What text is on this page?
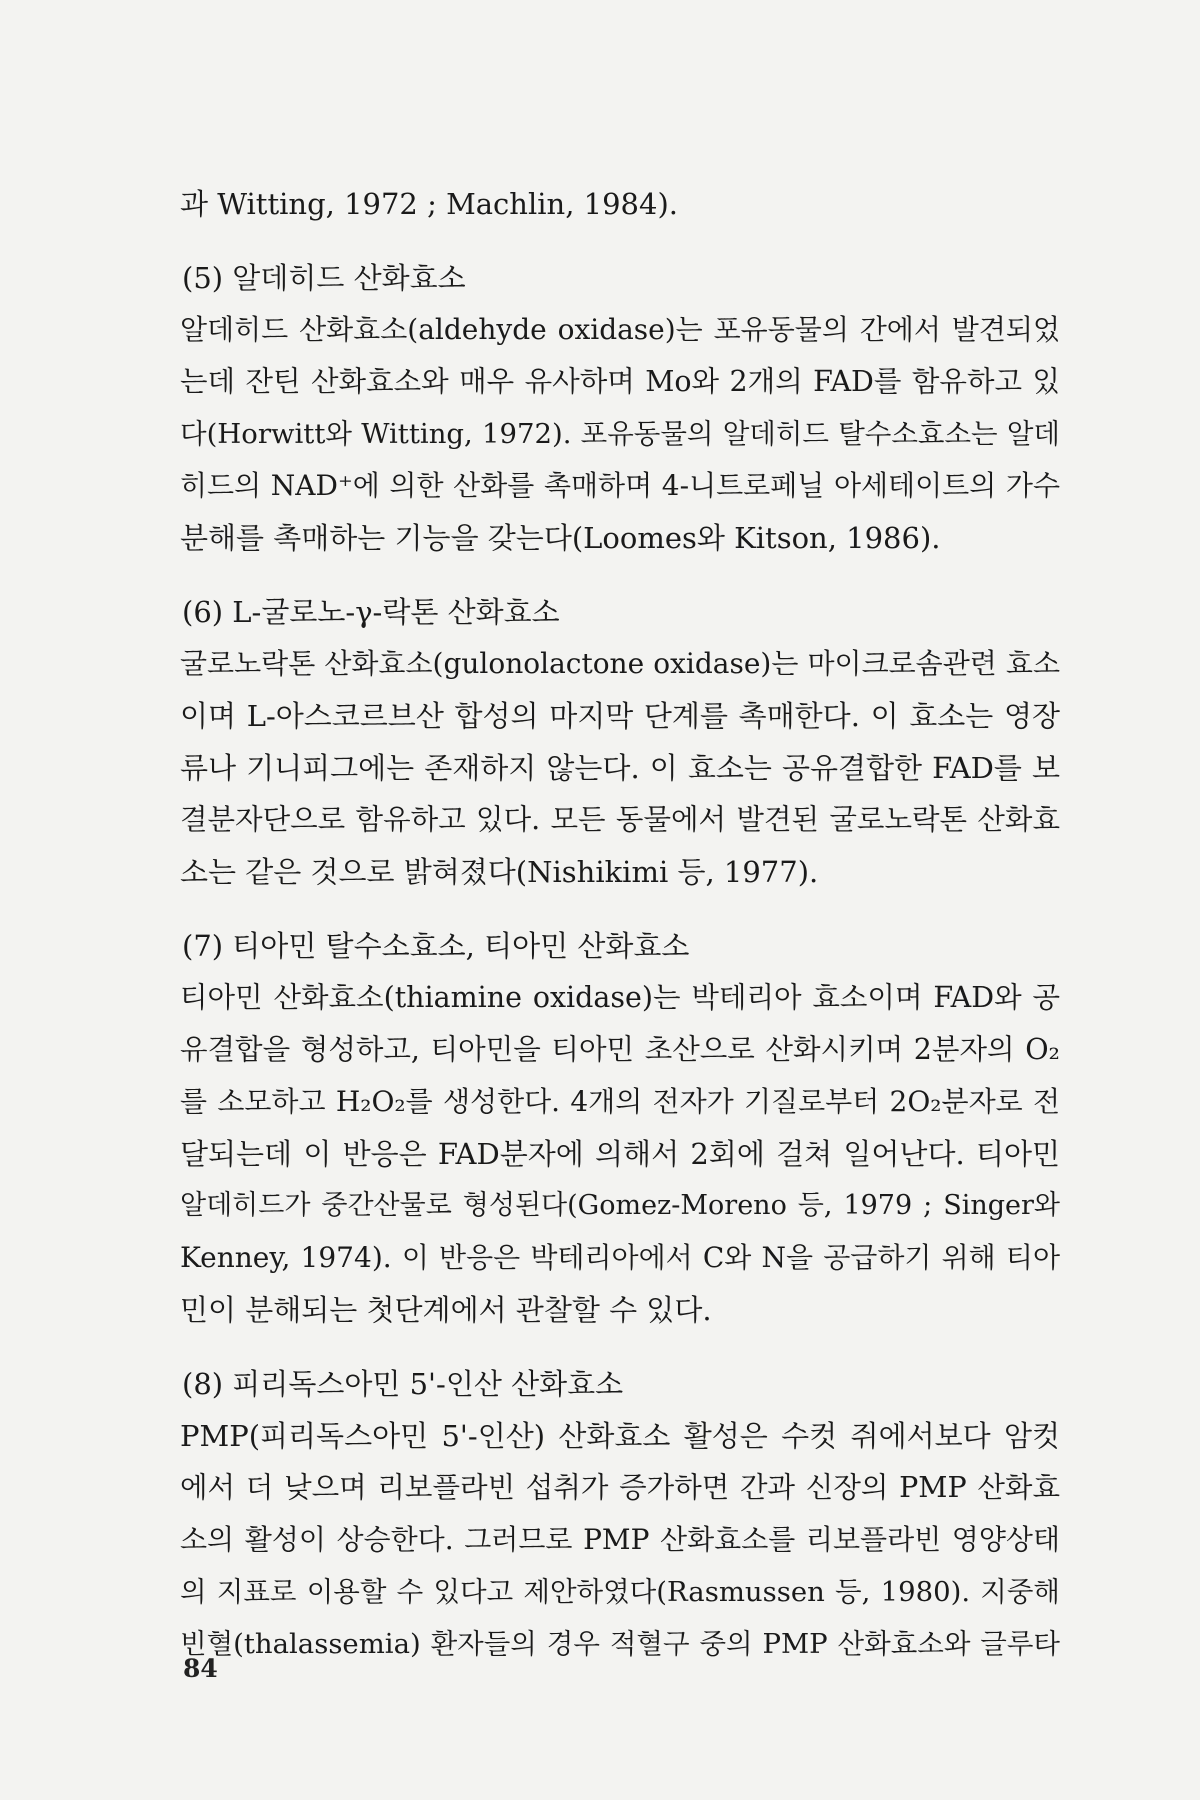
과 Witting, 1972 ; Machlin, 1984).
(5) 알데히드 산화효소
알데히드 산화효소(aldehyde oxidase)는 포유동물의 간에서 발견되었
는데 잔틴 산화효소와 매우 유사하며 Mo와 2개의 FAD를 함유하고 있
다(Horwitt와 Witting, 1972). 포유동물의 알데히드 탈수소효소는 알데
히드의 NAD⁺에 의한 산화를 촉매하며 4-니트로페닐 아세테이트의 가수
분해를 촉매하는 기능을 갖는다(Loomes와 Kitson, 1986).
(6) L-굴로노-γ-락톤 산화효소
굴로노락톤 산화효소(gulonolactone oxidase)는 마이크로솜관련 효소
이며 L-아스코르브산 합성의 마지막 단계를 촉매한다. 이 효소는 영장
류나 기니피그에는 존재하지 않는다. 이 효소는 공유결합한 FAD를 보
결분자단으로 함유하고 있다. 모든 동물에서 발견된 굴로노락톤 산화효
소는 같은 것으로 밝혀졌다(Nishikimi 등, 1977).
(7) 티아민 탈수소효소, 티아민 산화효소
티아민 산화효소(thiamine oxidase)는 박테리아 효소이며 FAD와 공
유결합을 형성하고, 티아민을 티아민 초산으로 산화시키며 2분자의 O₂
를 소모하고 H₂O₂를 생성한다. 4개의 전자가 기질로부터 2O₂분자로 전
달되는데 이 반응은 FAD분자에 의해서 2회에 걸쳐 일어난다. 티아민
알데히드가 중간산물로 형성된다(Gomez-Moreno 등, 1979 ; Singer와
Kenney, 1974). 이 반응은 박테리아에서 C와 N을 공급하기 위해 티아
민이 분해되는 첫단계에서 관찰할 수 있다.
(8) 피리독스아민 5'-인산 산화효소
PMP(피리독스아민 5'-인산) 산화효소 활성은 수컷 쥐에서보다 암컷
에서 더 낮으며 리보플라빈 섭취가 증가하면 간과 신장의 PMP 산화효
소의 활성이 상승한다. 그러므로 PMP 산화효소를 리보플라빈 영양상태
의 지표로 이용할 수 있다고 제안하였다(Rasmussen 등, 1980). 지중해
빈혈(thalassemia) 환자들의 경우 적혈구 중의 PMP 산화효소와 글루타
84
